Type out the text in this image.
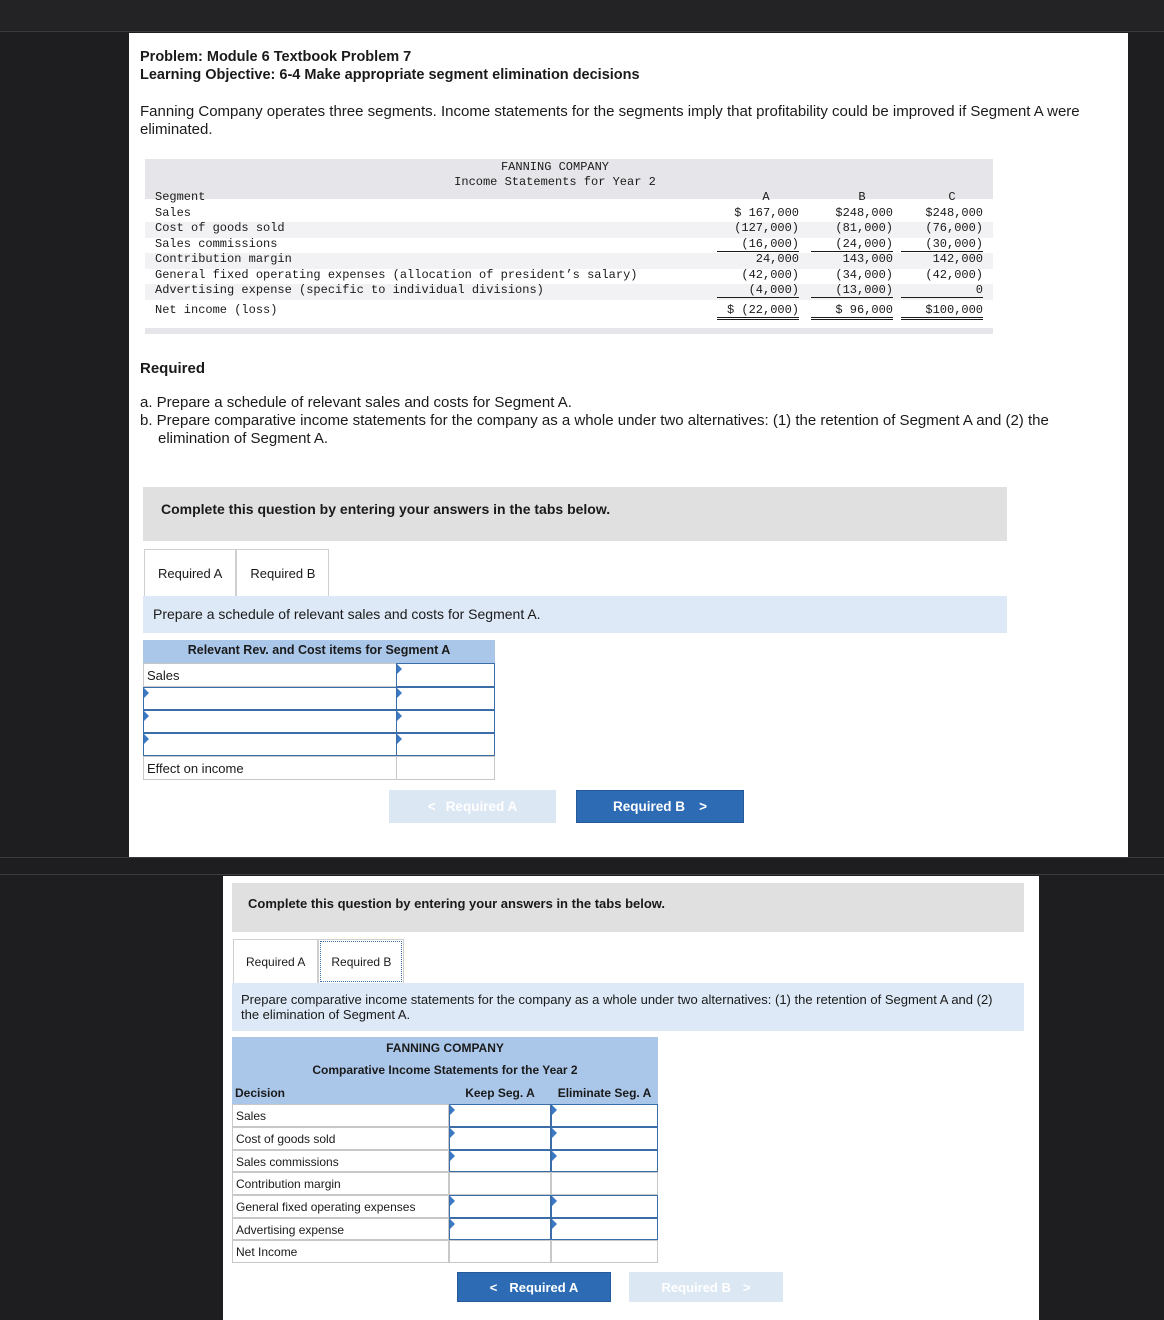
Problem: Module 6 Textbook Problem 7
Learning Objective: 6-4 Make appropriate segment elimination decisions
Fanning Company operates three segments. Income statements for the segments imply that profitability could be improved if Segment A were eliminated.
FANNING COMPANY
Income Statements for Year 2
Segment	A	B	C
Sales	$ 167,000	$248,000	$248,000
Cost of goods sold	(127,000)	(81,000)	(76,000)
Sales commissions	(16,000)	(24,000)	(30,000)
Contribution margin	24,000	143,000	142,000
General fixed operating expenses (allocation of president’s salary)	(42,000)	(34,000)	(42,000)
Advertising expense (specific to individual divisions)	(4,000)	(13,000)	0
Net income (loss)	$ (22,000)	$ 96,000	$100,000
Required
a. Prepare a schedule of relevant sales and costs for Segment A.
b. Prepare comparative income statements for the company as a whole under two alternatives: (1) the retention of Segment A and (2) the elimination of Segment A.
Complete this question by entering your answers in the tabs below.
Required A	Required B
Prepare a schedule of relevant sales and costs for Segment A.
Relevant Rev. and Cost items for Segment A
Sales
Effect on income
< Required A	Required B >
Complete this question by entering your answers in the tabs below.
Required A	Required B
Prepare comparative income statements for the company as a whole under two alternatives: (1) the retention of Segment A and (2) the elimination of Segment A.
FANNING COMPANY
Comparative Income Statements for the Year 2
Decision	Keep Seg. A	Eliminate Seg. A
Sales
Cost of goods sold
Sales commissions
Contribution margin
General fixed operating expenses
Advertising expense
Net Income
< Required A	Required B >
